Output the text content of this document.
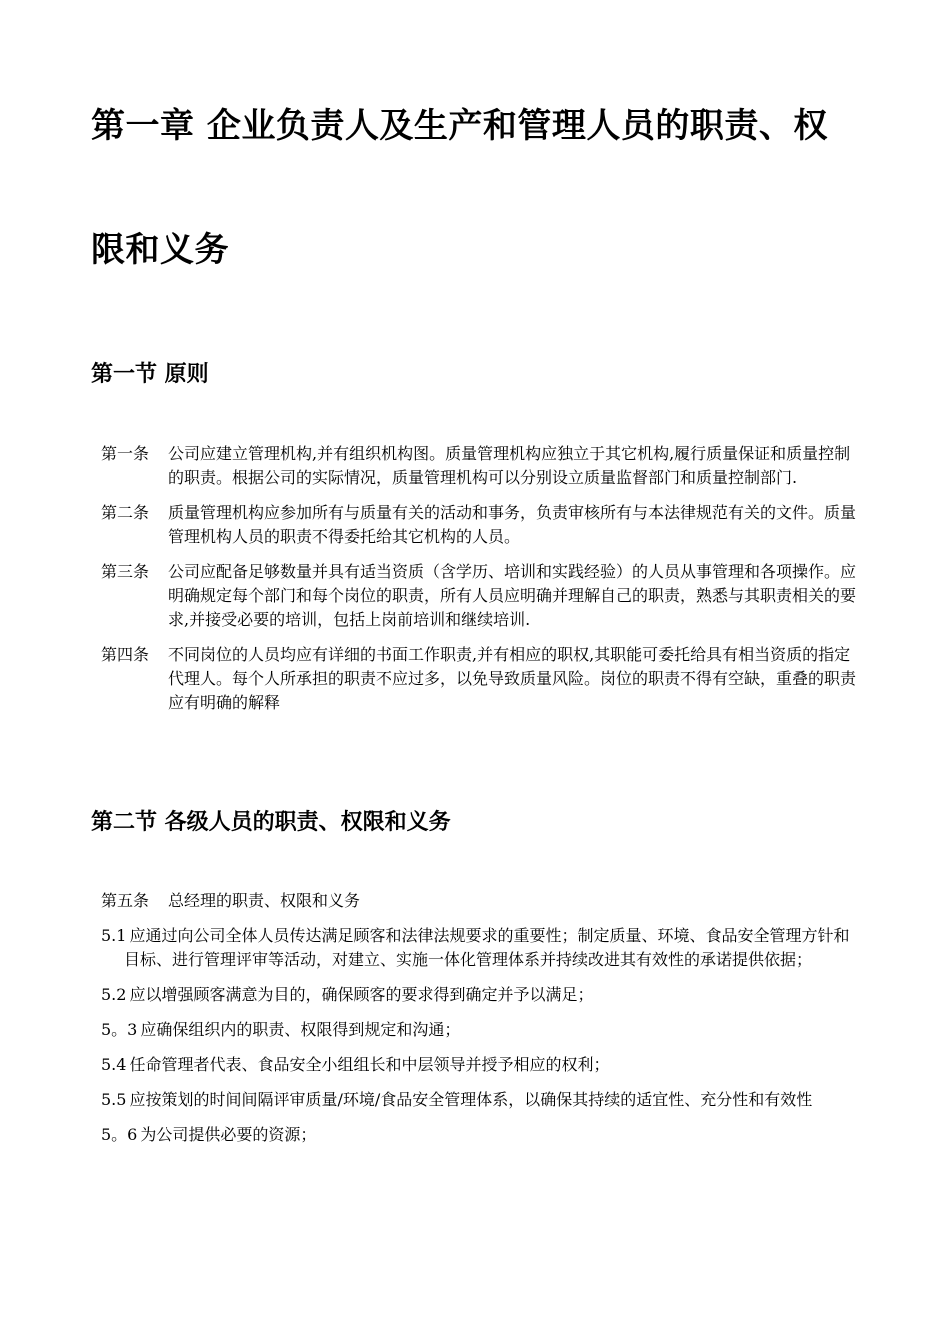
第一章 企业负责人及生产和管理人员的职责、权
限和义务
第一节 原则
第一条	公司应建立管理机构,并有组织机构图。质量管理机构应独立于其它机构,履行质量保证和质量控制的职责。根据公司的实际情况，质量管理机构可以分别设立质量监督部门和质量控制部门.
第二条	质量管理机构应参加所有与质量有关的活动和事务，负责审核所有与本法律规范有关的文件。质量管理机构人员的职责不得委托给其它机构的人员。
第三条	公司应配备足够数量并具有适当资质（含学历、培训和实践经验）的人员从事管理和各项操作。应明确规定每个部门和每个岗位的职责，所有人员应明确并理解自己的职责，熟悉与其职责相关的要求,并接受必要的培训，包括上岗前培训和继续培训.
第四条	不同岗位的人员均应有详细的书面工作职责,并有相应的职权,其职能可委托给具有相当资质的指定代理人。每个人所承担的职责不应过多，以免导致质量风险。岗位的职责不得有空缺，重叠的职责应有明确的解释
第二节 各级人员的职责、权限和义务
第五条	总经理的职责、权限和义务
5.1 应通过向公司全体人员传达满足顾客和法律法规要求的重要性；制定质量、环境、食品安全管理方针和目标、进行管理评审等活动，对建立、实施一体化管理体系并持续改进其有效性的承诺提供依据；
5.2 应以增强顾客满意为目的，确保顾客的要求得到确定并予以满足；
5。3 应确保组织内的职责、权限得到规定和沟通；
5.4 任命管理者代表、食品安全小组组长和中层领导并授予相应的权利；
5.5 应按策划的时间间隔评审质量/环境/食品安全管理体系，以确保其持续的适宜性、充分性和有效性
5。6 为公司提供必要的资源；
